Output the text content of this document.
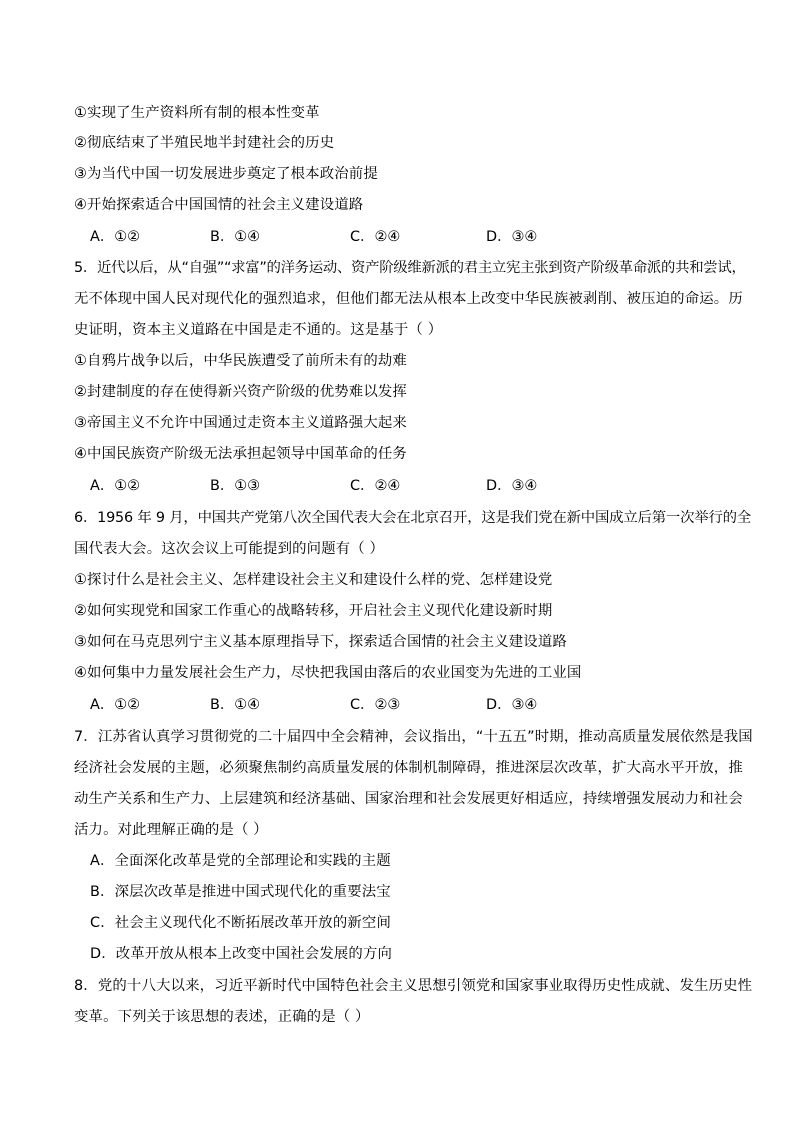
①实现了生产资料所有制的根本性变革
②彻底结束了半殖民地半封建社会的历史
③为当代中国一切发展进步奠定了根本政治前提
④开始探索适合中国国情的社会主义建设道路
A．①②	B．①④	C．②④	D．③④
5．近代以后，从“自强”“求富”的洋务运动、资产阶级维新派的君主立宪主张到资产阶级革命派的共和尝试，
无不体现中国人民对现代化的强烈追求，但他们都无法从根本上改变中华民族被剥削、被压迫的命运。历
史证明，资本主义道路在中国是走不通的。这是基于（ ）
①自鸦片战争以后，中华民族遭受了前所未有的劫难
②封建制度的存在使得新兴资产阶级的优势难以发挥
③帝国主义不允许中国通过走资本主义道路强大起来
④中国民族资产阶级无法承担起领导中国革命的任务
A．①②	B．①③	C．②④	D．③④
6．1956 年 9 月，中国共产党第八次全国代表大会在北京召开，这是我们党在新中国成立后第一次举行的全
国代表大会。这次会议上可能提到的问题有（ ）
①探讨什么是社会主义、怎样建设社会主义和建设什么样的党、怎样建设党
②如何实现党和国家工作重心的战略转移，开启社会主义现代化建设新时期
③如何在马克思列宁主义基本原理指导下，探索适合国情的社会主义建设道路
④如何集中力量发展社会生产力，尽快把我国由落后的农业国变为先进的工业国
A．①②	B．①④	C．②③	D．③④
7．江苏省认真学习贯彻党的二十届四中全会精神，会议指出，“十五五”时期，推动高质量发展依然是我国
经济社会发展的主题，必须聚焦制约高质量发展的体制机制障碍，推进深层次改革，扩大高水平开放，推
动生产关系和生产力、上层建筑和经济基础、国家治理和社会发展更好相适应，持续增强发展动力和社会
活力。对此理解正确的是（ ）
A．全面深化改革是党的全部理论和实践的主题
B．深层次改革是推进中国式现代化的重要法宝
C．社会主义现代化不断拓展改革开放的新空间
D．改革开放从根本上改变中国社会发展的方向
8．党的十八大以来，习近平新时代中国特色社会主义思想引领党和国家事业取得历史性成就、发生历史性
变革。下列关于该思想的表述，正确的是（ ）
